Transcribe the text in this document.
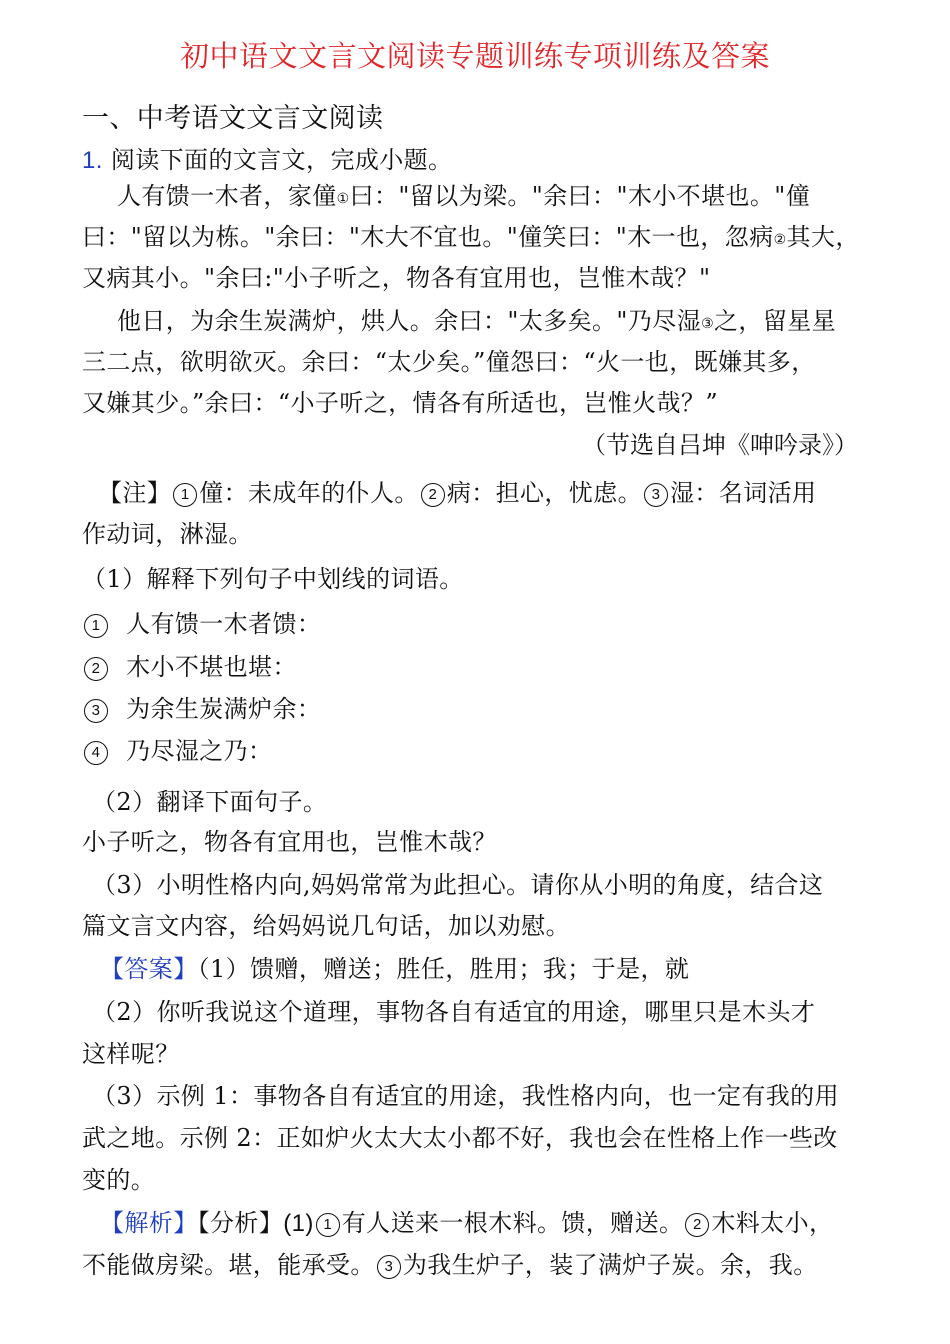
初中语文文言文阅读专题训练专项训练及答案
一、中考语文文言文阅读
1. 阅读下面的文言文，完成小题。
人有馈一木者，家僮①曰："留以为梁。"余曰："木小不堪也。"僮
曰："留以为栋。"余曰："木大不宜也。"僮笑曰："木一也，忽病②其大，
又病其小。"余曰:"小子听之，物各有宜用也，岂惟木哉？"
他日，为余生炭满炉，烘人。余曰："太多矣。"乃尽湿③之，留星星
三二点，欲明欲灭。余曰：“太少矣。”僮怨曰：“火一也，既嫌其多，
又嫌其少。”余曰：“小子听之，情各有所适也，岂惟火哉？”
（节选自吕坤《呻吟录》）
【注】 1 僮：未成年的仆人。 2 病：担心，忧虑。 3 湿：名词活用
作动词，淋湿。
（1）解释下列句子中划线的词语。
1 人有馈一木者馈：
2 木小不堪也堪：
3 为余生炭满炉余：
4 乃尽湿之乃：
（2）翻译下面句子。
小子听之，物各有宜用也，岂惟木哉？
（3）小明性格内向,妈妈常常为此担心。请你从小明的角度，结合这
篇文言文内容，给妈妈说几句话，加以劝慰。
【答案】（1）馈赠，赠送；胜任，胜用；我；于是，就
（2）你听我说这个道理，事物各自有适宜的用途，哪里只是木头才
这样呢？
（3）示例 1：事物各自有适宜的用途，我性格内向，也一定有我的用
武之地。示例 2：正如炉火太大太小都不好，我也会在性格上作一些改
变的。
【解析】【分析】(1) 1 有人送来一根木料。馈，赠送。 2 木料太小，
不能做房梁。堪，能承受。 3 为我生炉子，装了满炉子炭。余，我。
